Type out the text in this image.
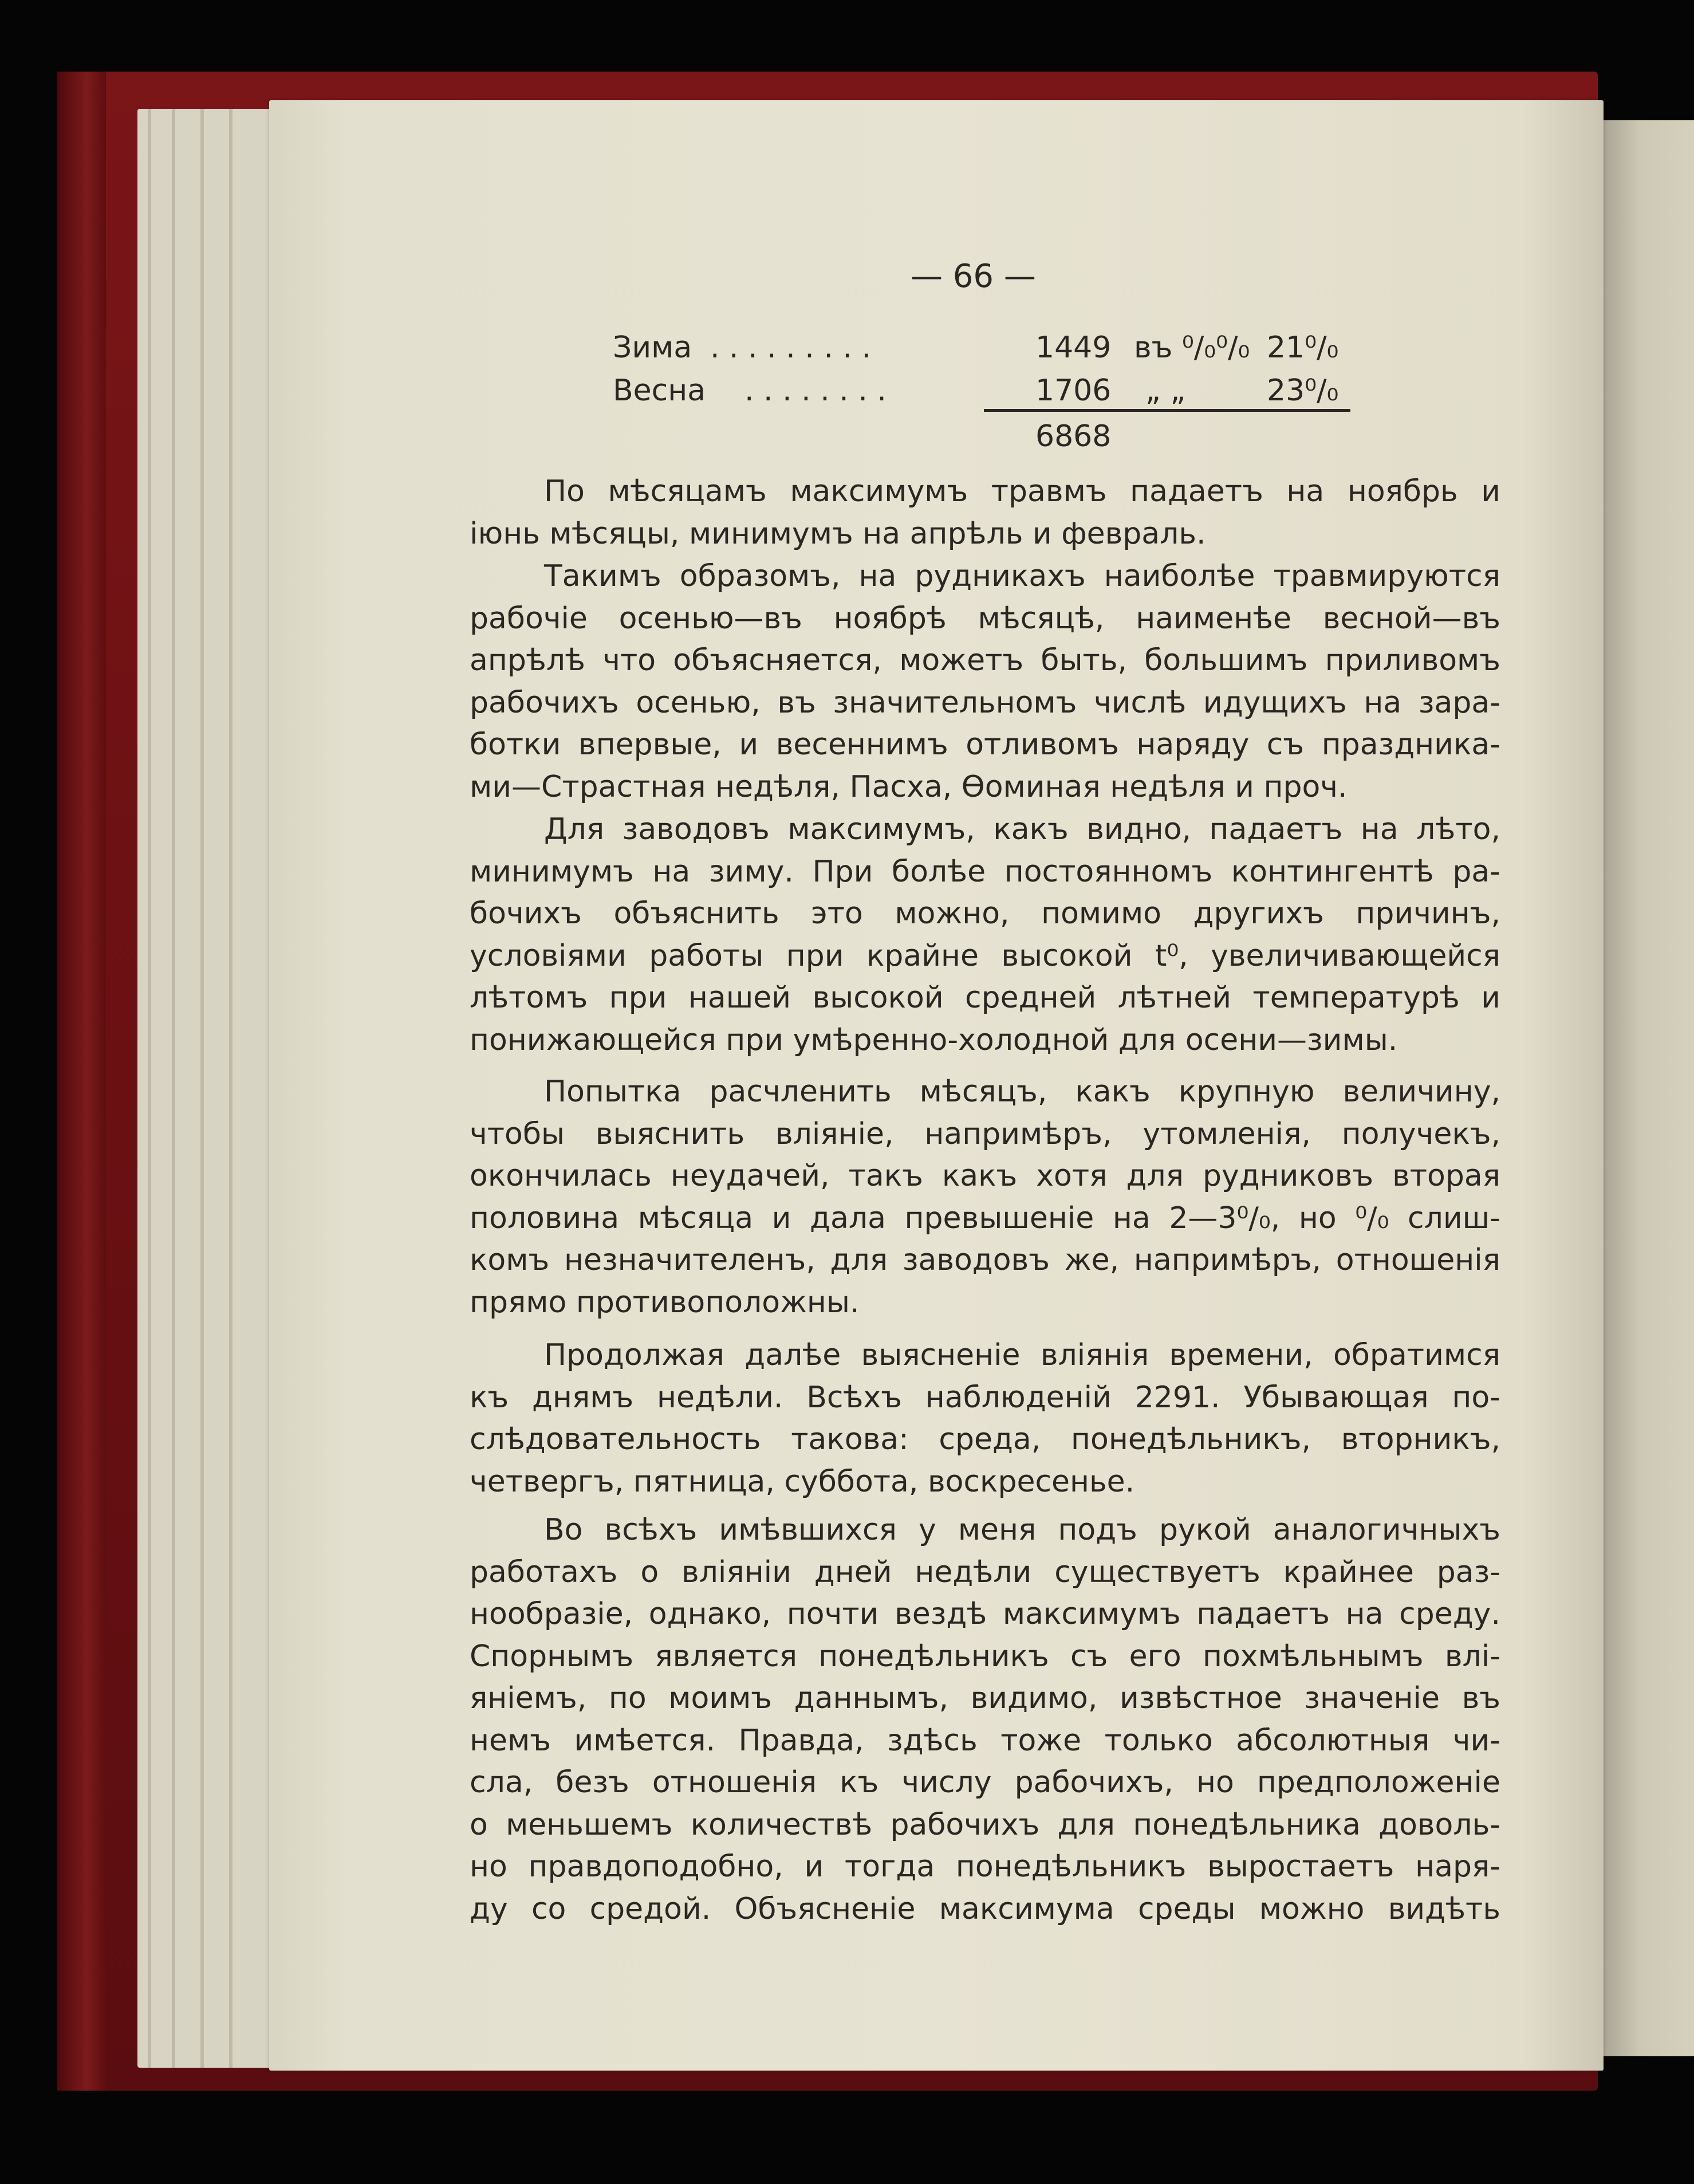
— 66 —
Зима . . . . . . . . .	1449 въ ⁰/₀⁰/₀ 21⁰/₀
Весна . . . . . . . .	1706 „ „	23⁰/₀
6868
По мѣсяцамъ максимумъ травмъ падаетъ на ноябрь и
іюнь мѣсяцы, минимумъ на апрѣль и февраль.
Такимъ образомъ, на рудникахъ наиболѣе травмируются
рабочіе осенью—въ ноябрѣ мѣсяцѣ, наименѣе весной—въ
апрѣлѣ что объясняется, можетъ быть, большимъ приливомъ
рабочихъ осенью, въ значительномъ числѣ идущихъ на зара-
ботки впервые, и весеннимъ отливомъ наряду съ праздника-
ми—Страстная недѣля, Пасха, Ѳоминая недѣля и проч.
Для заводовъ максимумъ, какъ видно, падаетъ на лѣто,
минимумъ на зиму. При болѣе постоянномъ контингентѣ ра-
бочихъ объяснить это можно, помимо другихъ причинъ,
условіями работы при крайне высокой t⁰, увеличивающейся
лѣтомъ при нашей высокой средней лѣтней температурѣ и
понижающейся при умѣренно-холодной для осени—зимы.
Попытка расчленить мѣсяцъ, какъ крупную величину,
чтобы выяснить вліяніе, напримѣръ, утомленія, получекъ,
окончилась неудачей, такъ какъ хотя для рудниковъ вторая
половина мѣсяца и дала превышеніе на 2—3⁰/₀, но ⁰/₀ слиш-
комъ незначителенъ, для заводовъ же, напримѣръ, отношенія
прямо противоположны.
Продолжая далѣе выясненіе вліянія времени, обратимся
къ днямъ недѣли. Всѣхъ наблюденій 2291. Убывающая по-
слѣдовательность такова: среда, понедѣльникъ, вторникъ,
четвергъ, пятница, суббота, воскресенье.
Во всѣхъ имѣвшихся у меня подъ рукой аналогичныхъ
работахъ о вліяніи дней недѣли существуетъ крайнее раз-
нообразіе, однако, почти вездѣ максимумъ падаетъ на среду.
Спорнымъ является понедѣльникъ съ его похмѣльнымъ влі-
яніемъ, по моимъ даннымъ, видимо, извѣстное значеніе въ
немъ имѣется. Правда, здѣсь тоже только абсолютныя чи-
сла, безъ отношенія къ числу рабочихъ, но предположеніе
о меньшемъ количествѣ рабочихъ для понедѣльника доволь-
но правдоподобно, и тогда понедѣльникъ выростаетъ наря-
ду со средой. Объясненіе максимума среды можно видѣть
